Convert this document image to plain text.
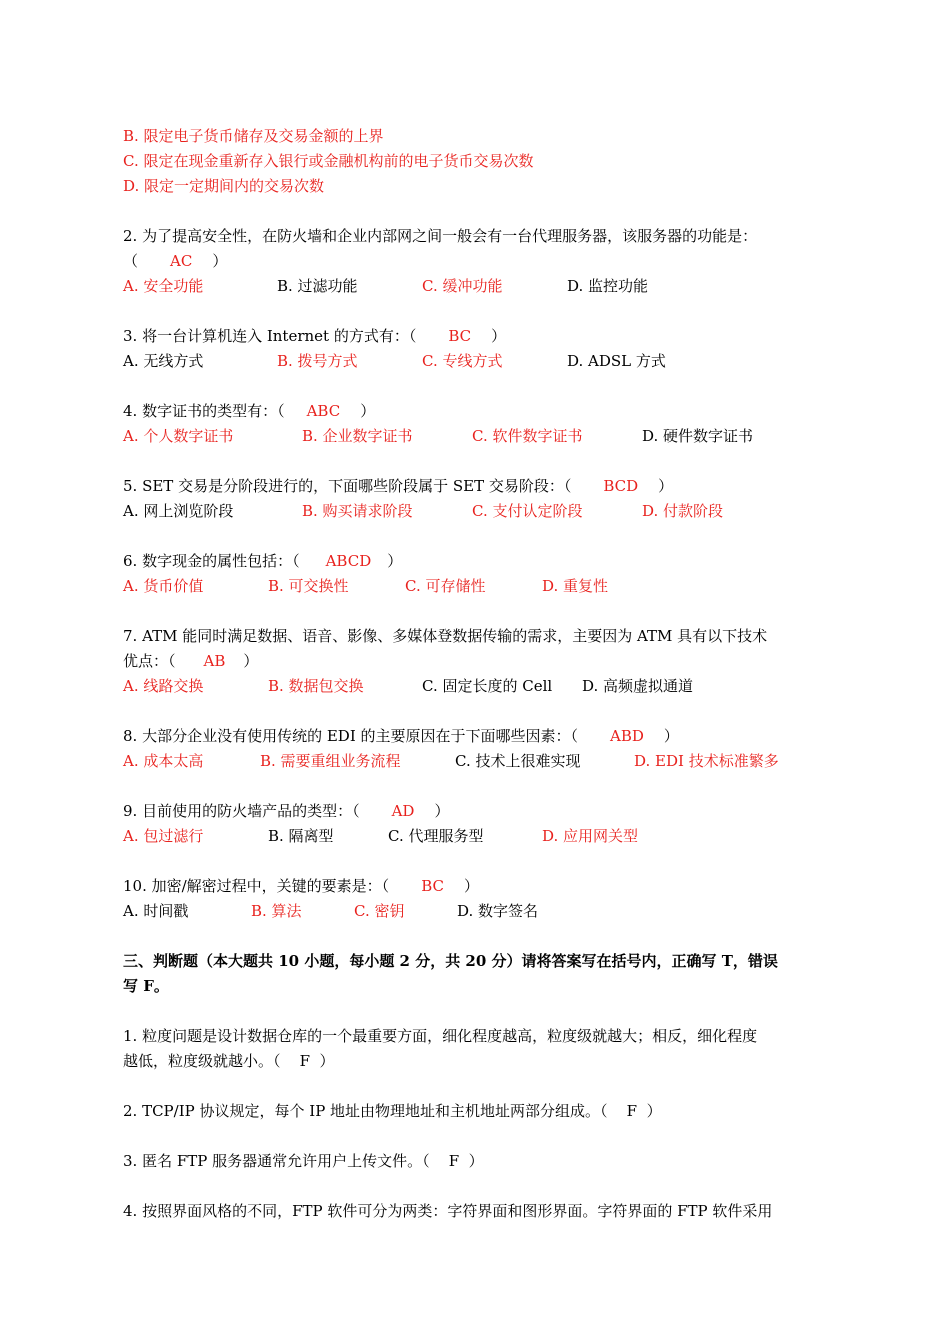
B. 限定电子货币储存及交易金额的上界
C. 限定在现金重新存入银行或金融机构前的电子货币交易次数
D. 限定一定期间内的交易次数
2. 为了提高安全性，在防火墙和企业内部网之间一般会有一台代理服务器，该服务器的功能是：
（ AC ）
A. 安全功能	B. 过滤功能	C. 缓冲功能	D. 监控功能
3. 将一台计算机连入 Internet 的方式有：（ BC ）
A. 无线方式	B. 拨号方式	C. 专线方式	D. ADSL 方式
4. 数字证书的类型有：（ ABC ）
A. 个人数字证书	B. 企业数字证书	C. 软件数字证书	D. 硬件数字证书
5. SET 交易是分阶段进行的，下面哪些阶段属于 SET 交易阶段：（ BCD ）
A. 网上浏览阶段	B. 购买请求阶段	C. 支付认定阶段	D. 付款阶段
6. 数字现金的属性包括：（ ABCD ）
A. 货币价值	B. 可交换性	C. 可存储性	D. 重复性
7. ATM 能同时满足数据、语音、影像、多媒体登数据传输的需求，主要因为 ATM 具有以下技术
优点：（ AB ）
A. 线路交换	B. 数据包交换	C. 固定长度的 Cell D. 高频虚拟通道
8. 大部分企业没有使用传统的 EDI 的主要原因在于下面哪些因素：（ ABD ）
A. 成本太高	B. 需要重组业务流程	C. 技术上很难实现	D. EDI 技术标准繁多
9. 目前使用的防火墙产品的类型：（ AD ）
A. 包过滤行	B. 隔离型	C. 代理服务型	D. 应用网关型
10. 加密/解密过程中，关键的要素是：（ BC ）
A. 时间戳	B. 算法	C. 密钥	D. 数字签名
三、判断题（本大题共 10 小题，每小题 2 分，共 20 分）请将答案写在括号内，正确写 T，错误
写 F。
1. 粒度问题是设计数据仓库的一个最重要方面，细化程度越高，粒度级就越大；相反，细化程度
越低，粒度级就越小。（    F  ）
2. TCP/IP 协议规定，每个 IP 地址由物理地址和主机地址两部分组成。（    F  ）
3. 匿名 FTP 服务器通常允许用户上传文件。（    F  ）
4. 按照界面风格的不同，FTP 软件可分为两类：字符界面和图形界面。字符界面的 FTP 软件采用
